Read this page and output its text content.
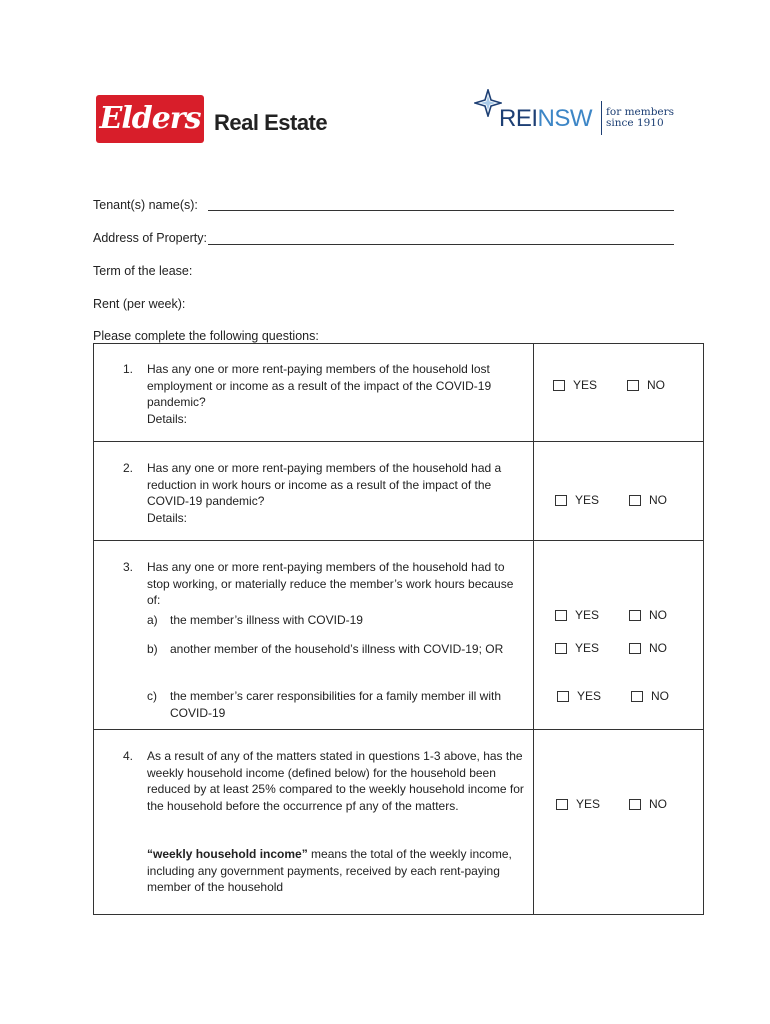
Elders Real Estate	REINSW for members
since 1910
Tenant(s) name(s):
Address of Property:
Term of the lease:
Rent (per week):
Please complete the following questions:
1. Has any one or more rent-paying members of the household lost employment or income as a result of the impact of the COVID-19 pandemic?
Details:
YES	NO
2. Has any one or more rent-paying members of the household had a reduction in work hours or income as a result of the impact of the COVID-19 pandemic?
Details:
YES	NO
3. Has any one or more rent-paying members of the household had to stop working, or materially reduce the member’s work hours because of:
a) the member’s illness with COVID-19	YES	NO
b) another member of the household’s illness with COVID-19; OR	YES	NO
c) the member’s carer responsibilities for a family member ill with COVID-19
YES	NO
4. As a result of any of the matters stated in questions 1-3 above, has the weekly household income (defined below) for the household been reduced by at least 25% compared to the weekly household income for the household before the occurrence pf any of the matters.
“weekly household income” means the total of the weekly income, including any government payments, received by each rent-paying member of the household
YES	NO
